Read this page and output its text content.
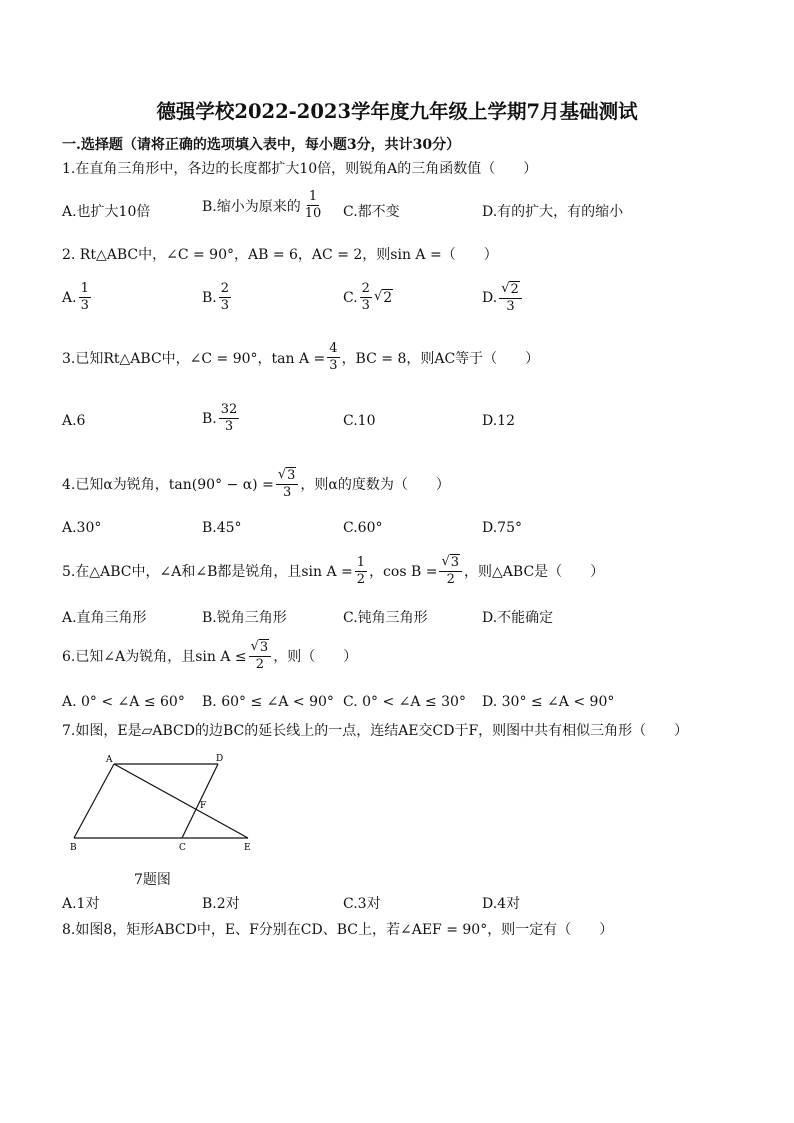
德强学校2022-2023学年度九年级上学期7月基础测试
一.选择题（请将正确的选项填入表中，每小题3分，共计30分）
1.在直角三角形中，各边的长度都扩大10倍，则锐角A的三角函数值（　　）
A.也扩大10倍	B.缩小为原来的 $\frac{1}{10} C$.都不变	D.有的扩大，有的缩小
2. Rt△ABC中，∠C = 90°，AB = 6，AC = 2，则sin A =（　　）
A. $\frac{1}{3}$	B. $\frac{2}{3}$	C. $\frac{2}{3}$ √ 2	D. $\frac{√ 2}{3}$
3.已知Rt△ABC中，∠C = 90°，$\tan A = \frac{4}{3}$ ，BC = 8，则AC等于（　　）
A.6	B. $\frac{32}{3}$	C.10	D.12
4.已知α为锐角，$\tan(90^\circ - \alpha) = \frac{√ 3}{3}$ ，则α的度数为（　　）
A.30°	B.45°	C.60°	D.75°
5.在△ABC中，∠A和∠B都是锐角，且$\sin A = \frac{1}{2}$ ，$\cos B = \frac{√ 3}{2}$ ，则△ABC是（　　）
A.直角三角形	B.锐角三角形	C.钝角三角形	D.不能确定
6.已知∠A为锐角，且$\sin A \le \frac{√ 3}{2}$ ，则（　　）
A. 0° < ∠A ≤ 60° B. 60° ≤ ∠A < 90° C. 0° < ∠A ≤ 30° D. 30° ≤ ∠A < 90°
7.如图，E是▱ABCD的边BC的延长线上的一点，连结AE交CD于F，则图中共有相似三角形（　　）
A	D
F
B	C	E
7题图
A.1对	B.2对	C.3对	D.4对
8.如图8，矩形ABCD中，E、F分别在CD、BC上，若∠AEF = 90°，则一定有（　　）
